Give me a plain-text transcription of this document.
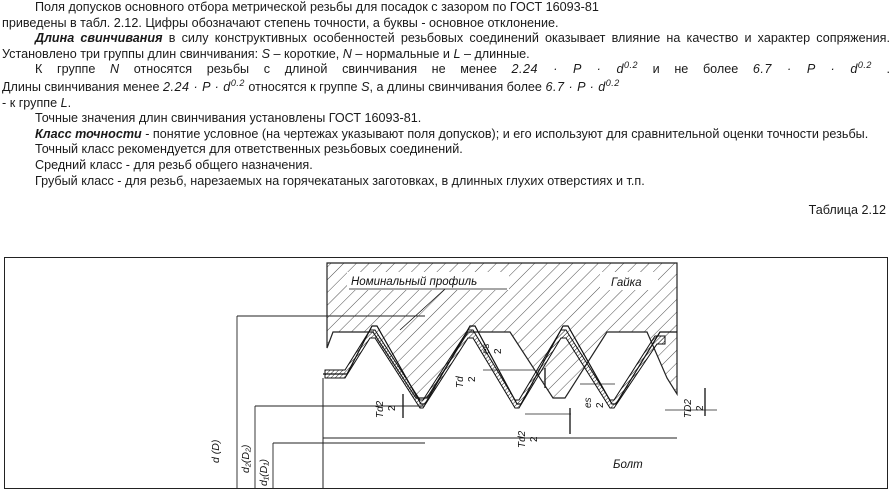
Поля допусков основного отбора метрической резьбы для посадок с зазором по ГОСТ 16093-81
приведены в табл. 2.12. Цифры обозначают степень точности, а буквы - основное отклонение.

Длина свинчивания в силу конструктивных особенностей резьбовых соединений оказывает влияние на качество и характер сопряжения. Установлено три группы длин свинчивания: S – короткие, N – нормальные и L – длинные.

К группе N относятся резьбы с длиной свинчивания не менее $2.24 \cdot P \cdot d^{0.2}$ и не более $6.7 \cdot P \cdot d^{0.2}$ .

Длины свинчивания менее $2.24 \cdot P \cdot d^{0.2}$ относятся к группе S, а длины свинчивания более $6.7 \cdot P \cdot d^{0.2}$
- к группе L.

Точные значения длин свинчивания установлены ГОСТ 16093-81.

Класс точности - понятие условное (на чертежах указывают поля допусков); и его используют для сравнительной оценки точности резьбы.

Точный класс рекомендуется для ответственных резьбовых соединений.

Средний класс - для резьб общего назначения.

Грубый класс - для резьб, нарезаемых на горячекатаных заготовках, в длинных глухих отверстиях и т.п.

Таблица 2.12

Номинальный профиль	Гайка
Болт
es 2
Td 2
es 2
Td2 2
Td2 2	TD2 2
d (D) d₂(D₂) d₁(D₁)
